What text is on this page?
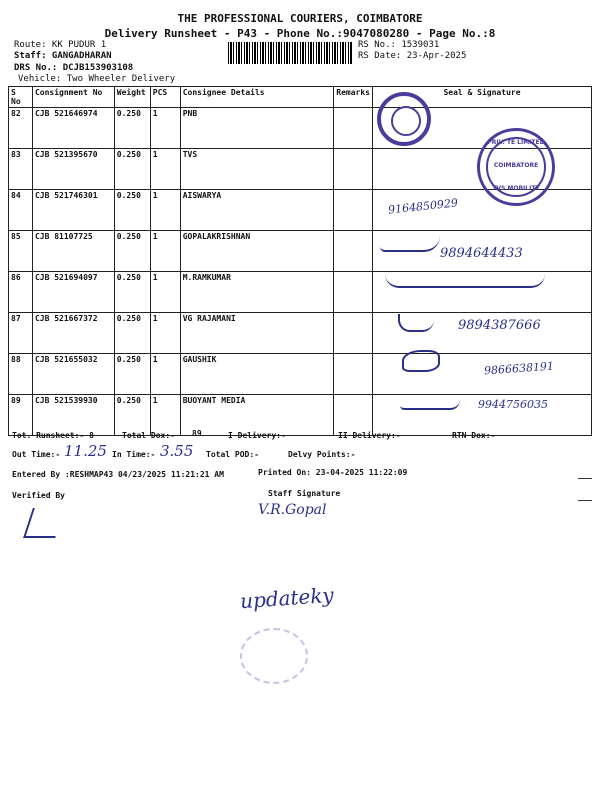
THE PROFESSIONAL COURIERS, COIMBATORE
Delivery Runsheet - P43 - Phone No.:9047080280 - Page No.:8
Route: KK PUDUR 1
Staff: GANGADHARAN
DRS No.: DCJB153903108
Vehicle: Two Wheeler Delivery
RS No.: 1539031
RS Date: 23-Apr-2025
S No	Consignment No	Weight	PCS	Consignee Details	Remarks	Seal & Signature
82	CJB 521646974	0.250	1	PNB		
83	CJB 521395670	0.250	1	TVS		
84	CJB 521746301	0.250	1	AISWARYA		
85	CJB 81107725	0.250	1	GOPALAKRISHNAN		
86	CJB 521694097	0.250	1	M.RAMKUMAR		
87	CJB 521667372	0.250	1	VG RAJAMANI		
88	CJB 521655032	0.250	1	GAUSHIK		
89	CJB 521539930	0.250	1	BUOYANT MEDIA		
PRIV. TE LIMITED
COIMBATORE
TVS MOBILITY
9164850929
9894644433
9894387666
9866638191
9944756035
Tot. Runsheet:- 8	Total Dox:- 89	I Delivery:-	II Delivery:-	RTN Dox:-
Out Time:- 11.25 In Time:- 3.55 Total POD:-	Delvy Points:-
Entered By :RESHMAP43 04/23/2025 11:21:21 AM	Printed On: 23-04-2025 11:22:09
Verified By	Staff Signature
V.R.Gopal
updateky
